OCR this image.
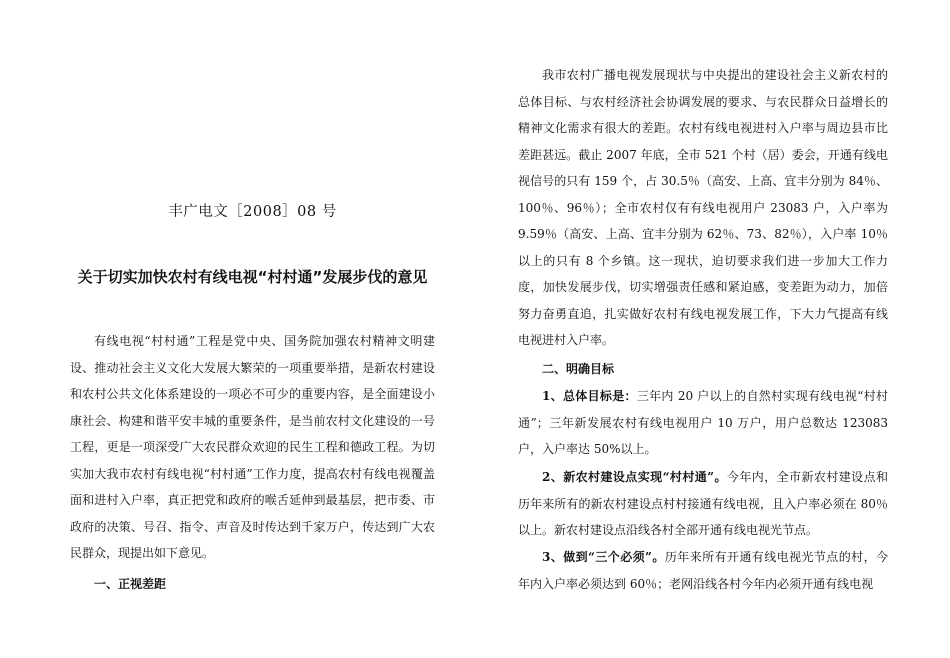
丰广电文［2008］08 号
关于切实加快农村有线电视“村村通”发展步伐的意见

有线电视“村村通”工程是党中央、国务院加强农村精神文明建设、推动社会主义文化大发展大繁荣的一项重要举措，是新农村建设和农村公共文化体系建设的一项必不可少的重要内容，是全面建设小康社会、构建和谐平安丰城的重要条件，是当前农村文化建设的一号工程，更是一项深受广大农民群众欢迎的民生工程和德政工程。为切实加大我市农村有线电视“村村通”工作力度，提高农村有线电视覆盖面和进村入户率，真正把党和政府的喉舌延伸到最基层，把市委、市政府的决策、号召、指令、声音及时传达到千家万户，传达到广大农民群众，现提出如下意见。

一、正视差距

我市农村广播电视发展现状与中央提出的建设社会主义新农村的总体目标、与农村经济社会协调发展的要求、与农民群众日益增长的精神文化需求有很大的差距。农村有线电视进村入户率与周边县市比差距甚远。截止 2007 年底，全市 521 个村（居）委会，开通有线电视信号的只有 159 个，占 30.5％（高安、上高、宜丰分别为 84％、100％、96％）；全市农村仅有有线电视用户 23083 户，入户率为 9.59％（高安、上高、宜丰分别为 62％、73、82％），入户率 10％以上的只有 8 个乡镇。这一现状，迫切要求我们进一步加大工作力度，加快发展步伐，切实增强责任感和紧迫感，变差距为动力，加倍努力奋勇直追，扎实做好农村有线电视发展工作，下大力气提高有线电视进村入户率。

二、明确目标

1、总体目标是：三年内 20 户以上的自然村实现有线电视“村村通”；三年新发展农村有线电视用户 10 万户，用户总数达 123083 户，入户率达 50%以上。

2、新农村建设点实现“村村通”。今年内，全市新农村建设点和历年来所有的新农村建设点村村接通有线电视，且入户率必须在 80％以上。新农村建设点沿线各村全部开通有线电视光节点。

3、做到“三个必须”。历年来所有开通有线电视光节点的村，今年内入户率必须达到 60％；老网沿线各村今年内必须开通有线电视
